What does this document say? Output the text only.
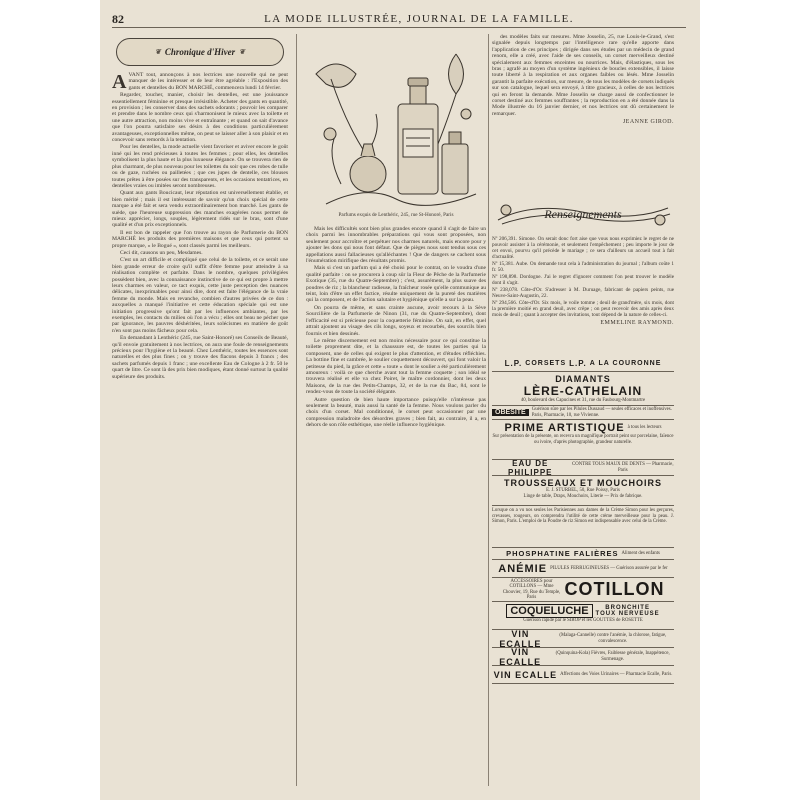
82	LA MODE ILLUSTRÉE, JOURNAL DE LA FAMILLE.
❦ Chronique d'Hiver ❦

AVANT tout, annonçons à nos lectrices une nouvelle qui ne peut manquer de les intéresser et de leur être agréable : l'Exposition des gants et dentelles du BON MARCHÉ, commencera lundi 14 février.

Regarder, toucher, manier, choisir les dentelles, est une jouissance essentiellement féminine et presque irrésistible. Acheter des gants en quantité, en provision ; les conserver dans des sachets odorants ; pouvoir les comparer et prendre dans le nombre ceux qui s'harmonisent le mieux avec la toilette et une autre attraction, non moins vive et entraînante ; et quand on sait d'avance que l'on pourra satisfaire ses désirs à des conditions particulièrement avantageuses, exceptionnelles même, on peut se laisser aller à son plaisir et en concevoir sans remords à la tentation.

Pour les dentelles, la mode actuelle vient favoriser et aviver encore le goût inné qui les rend précieuses à toutes les femmes ; pour elles, les dentelles symbolisent la plus haute et la plus luxueuse élégance. On se trouvera rien de plus charmant, de plus nouveau pour les toilettes du soir que ces robes de tulle ou de gaze, ruchées ou pailletées ; que ces jupes de dentelle, ces blouses toutes prêtes à être posées sur des transparents, et les occasions tentatrices, en dentelles vraies ou imitées seront nombreuses.

Quant aux gants Boucicaut, leur réputation est universellement établie, et bien mérité ; mais il est intéressant de savoir qu'un choix spécial de cette marque a été fait et sera vendu extraordinairement bon marché. Les gants de suède, que l'heureuse suppression des manches exagérées nous permet de mieux apprécier, longs, souples, légèrement ridés sur le bras, sont d'une qualité et d'un prix exceptionnels.

Il est bon de rappeler que l'on trouve au rayon de Parfumerie du BON MARCHÉ les produits des premières maisons et que ceux qui portent sa propre marque, « le Bogué », sont classés parmi les meilleurs.

Ceci dit, causons un peu, Mesdames.

C'est un art difficile et compliqué que celui de la toilette, et ce serait une bien grande erreur de croire qu'il suffit d'être femme pour atteindre à sa réalisation complète et parfaite. Dans le nombre, quelques privilégiées possèdent bien, avec la connaissance instinctive de ce qui est propre à mettre leurs charmes en valeur, ce tact exquis, cette juste perception des nuances délicates, inexprimables pour ainsi dire, dont est faite l'élégance de la vraie femme du monde. Mais en revanche, combien d'autres privées de ce don : auxquelles a manqué l'initiative et cette éducation spéciale qui est une initiation progressive qu'ont fait par les influences ambiantes, par les exemples, les contacts du milieu où l'on a vécu ; elles ont beau ne pécher que par ignorance, les pauvres déshéritées, leurs solécismes en matière de goût n'en sont pas moins fâcheux pour cela.

En demandant à Lenthéric (245, rue Saint-Honoré) ses Conseils de Beauté, qu'il envoie gratuitement à nos lectrices, on aura une foule de renseignements précieux pour l'hygiène et la beauté. Chez Lenthéric, toutes les essences sont naturelles et des plus fines ; on y trouve des flacons depuis 3 francs ; des sachets parfumés depuis 1 franc ; une excellente Eau de Cologne à 2 fr. 50 le quart de litre. Ce sont là des prix bien modiques, étant donné surtout la qualité supérieure des produits.

Parfums exquis de Lenthéric, 245, rue St-Honoré, Paris

Mais les difficultés sont bien plus grandes encore quand il s'agit de faire un choix parmi les innombrables préparations qui vous sont proposées, non seulement pour accroître et perpétuer nos charmes naturels, mais encore pour y ajouter les dons qui nous font défaut. Que de pièges nous sont tendus sous ces appellations aussi fallacieuses qu'alléchantes ! Que de dangers se cachent sous l'énumération mirifique des résultats promis.

Mais si c'est un parfum qui a été choisi pour le contrat, on le voudra d'une qualité parfaite : on se procurera à coup sûr la Fleur de Pêche de la Parfumerie Exotique (35, rue du Quatre-Septembre) ; c'est, assurément, la plus suave des poudres de riz ; la blancheur radieuse, la fraîcheur rosée qu'elle communique au teint, loin d'être un effet factice, résulte uniquement de la pureté des matières qui la composent, et de l'action salutaire et hygiénique qu'elle a sur la peau.

On pourra de même, et sans crainte aucune, avoir recours à la Sève Sourcilière de la Parfumerie de Ninon (31, rue du Quatre-Septembre), dont l'efficacité est si précieuse pour la coquetterie féminine. On sait, en effet, quel attrait ajoutent au visage des cils longs, soyeux et recourbés, des sourcils bien fournis et bien dessinés.

Le même discernement est non moins nécessaire pour ce qui constitue la toilette proprement dite, et la chaussure est, de toutes les parties qui la composent, une de celles qui exigent le plus d'attention, et d'études réfléchies. La bottine fine et cambrée, le soulier coquettement découvert, qui font valoir la petitesse du pied, la grâce et cette « toute » dont le soulier a été particulièrement amoureux : voilà ce que cherche avant tout la femme coquette ; son idéal se trouvera réalisé et elle va chez Poiret, le maître cordonnier, dont les deux Maisons, de la rue des Petits-Champs, 32, et de la rue du Bac, 84, sont le rendez-vous de toute la société élégante.

Autre question de bien haute importance puisqu'elle n'intéresse pas seulement la beauté, mais aussi la santé de la femme. Nous voulons parler du choix d'un corset. Mal conditionné, le corset peut occasionner par une compression maladroite des désordres graves ; bien fait, au contraire, il a, en dehors de son rôle esthétique, une réelle influence hygiénique.

des modèles faits sur mesures. Mme Josselin, 25, rue Louis-le-Grand, s'est signalée depuis longtemps par l'intelligence rare qu'elle apporte dans l'application de ces principes ; dirigée dans ses études par un médecin de grand renom, elle a créé, avec l'aide de ses conseils, un corset merveilleux destiné spécialement aux femmes enceintes ou nourrices. Mais, d'élastiques, sous les bras ; agrafé au moyen d'un système ingénieux de boucles extensibles, il laisse toute liberté à la respiration et aux organes faibles ou lésés. Mme Josselin garantit la parfaite exécution, sur mesure, de tous les modèles de corsets indiqués sur son catalogue, lequel sera envoyé, à titre gracieux, à celles de nos lectrices qui en feront la demande. Mme Josselin se charge aussi de confectionner le corset destiné aux femmes souffrantes ; la reproduction en a été donnée dans la Mode illustrée du 16 janvier dernier, et nos lectrices ont dû certainement le remarquer.

JEANNE GIROD.
Renseignements

Nº 206,391. Simone. On serait donc fort aise que vous nous exprimiez le regret de ne pouvoir assister à la cérémonie, et seulement l'empêchement ; peu importe le jour de cet envoi, pourvu qu'il précède le mariage ; ce sera d'ailleurs un accueil tout à fait d'actualité.

Nº 15,381. Aube. On demande tout cela à l'administration du journal ; l'album coûte 1 fr. 50.

Nº 198,898. Dordogne. J'ai le regret d'ignorer comment l'on peut trouver le modèle dont il s'agit.

Nº 238,078. Côte-d'Or. S'adresser à M. Duruage, fabricant de papiers peints, rue Neuve-Saint-Augustin, 22.

Nº 294,566. Côte-d'Or. Six mois, le voile tomme ; deuil de grand'mère, six mois, dont la première moitié en grand deuil, avec crêpe ; on peut recevoir des amis après deux mois de deuil ; quant à accepter des invitations, tout dépend de la nature de celles-ci.

EMMELINE RAYMOND.
L.P. CORSETS L.P. A LA COURONNE
DIAMANTS
LÈRE-CATHELAIN
40, boulevard des Capucines et 31, rue du Faubourg-Montmartre
OBÉSITÉ	Guérison sûre par les Pilules Dussaud — seules efficaces et inoffensives. Paris, Pharmacie, 10, rue Vivienne.
PRIME ARTISTIQUE à tous les lecteurs
Sur présentation de la présente, on recevra un magnifique portrait peint sur porcelaine, faïence ou ivoire, d'après photographie, grandeur naturelle.
EAU DE PHILIPPE
CONTRE TOUS MAUX DE DENTS — Pharmacie, Paris
TROUSSEAUX ET MOUCHOIRS
E. J. STURBEL, 50, Rue Poissy, Paris
Linge de table, Draps, Mouchoirs, Literie — Prix de fabrique.
Lorsque on a vu nos seules les Parisiennes aux dames de la Crème Simon pour les gerçures, crevasses, rougeurs, on comprendra l'utilité de cette crème merveilleuse pour la peau. J. Simon, Paris. L'emploi de la Poudre de riz Simon est indispensable avec celui de la Crème.
PHOSPHATINE FALIÈRES Aliment des enfants
ANÉMIE PILULES FERRUGINEUSES — Guérison assurée par le fer
ACCESSOIRES pour COTILLONS — Mme Chouvier, 19, Rue du Temple, Paris	COTILLON
COQUELUCHE	BRONCHITE
TOUX NERVEUSE
Guérison rapide par le SIROP et les GOUTTES de ROSETTE
VIN ECALLE
(Malaga-Cannelle) contre l'anémie, la chlorose, fatigue, convalescence.
VIN ECALLE
(Quinquina-Kola) Fièvres, Faiblesse générale, Inappétence, Surmenage.
VIN ECALLE Affections des Voies Urinaires — Pharmacie Ecalle, Paris.
